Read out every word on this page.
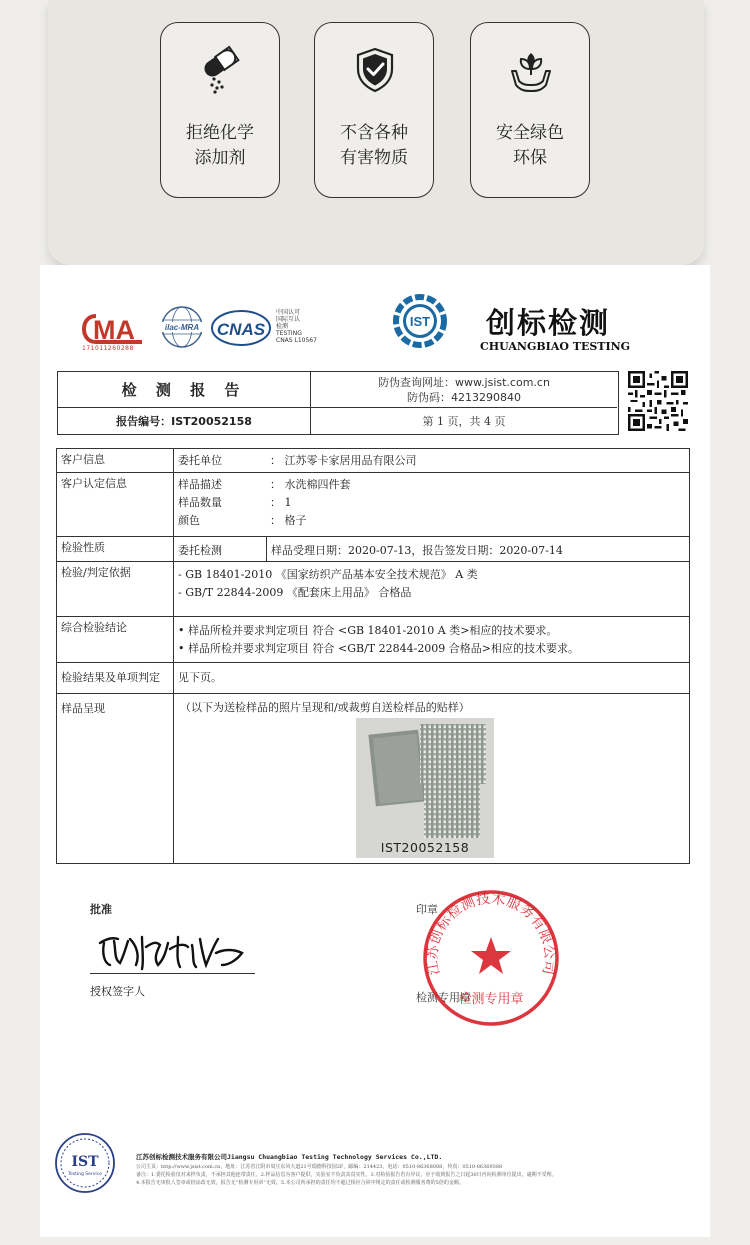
拒绝化学
添加剂
不含各种
有害物质
安全绿色
环保
MA
171011260288
ilac-MRA CNAS
中国认可
国际互认
检测
TESTING
CNAS L10567
IST 创标检测
CHUANGBIAO TESTING
检 测 报 告
报告编号：IST20052158
防伪查询网址：www.jsist.com.cn
防伪码：4213290840
第 1 页，共 4 页
客户信息	委托单位	： 江苏零卡家居用品有限公司
客户认定信息	样品描述	： 水洗棉四件套
样品数量	： 1
颜色	： 格子
检验性质	委托检测	样品受理日期：2020-07-13，报告签发日期：2020-07-14
检验/判定依据	- GB 18401-2010 《国家纺织产品基本安全技术规范》 A 类
- GB/T 22844-2009 《配套床上用品》 合格品
综合检验结论	• 样品所检并要求判定项目 符合 <GB 18401-2010 A 类>相应的技术要求。
• 样品所检并要求判定项目 符合 <GB/T 22844-2009 合格品>相应的技术要求。
检验结果及单项判定	见下页。
样品呈现	（以下为送检样品的照片呈现和/或裁剪自送检样品的贴样）
IST20052158
批准
授权签字人
印章
检测专用章
江苏创标检测技术服务有限公司
检测专用章
IST
Testing Service
江苏创标检测技术服务有限公司Jiangsu Chuangbiao Testing Technology Services Co.,LTD.
公司主页：http://www.jsist.com.cn，地址：江苏省江阴市周庄东风大道21号瑞德科技园2F，邮编：214423，电话：0510-86368088，传真：0510-86369388
备注：1.委托检验仅对来样负责，不承担其他连带责任。2.样品信息为客户提供，实验室不负责其真实性。3.对检验报告若有异议，应于收到报告之日起30日内向检测单位提出，逾期不受理。
4.本报告无审批人签章或经涂改无效，报告无“检测专用章”无效。5.本公司所承担的责任均不超过相应合同中规定的责任或检测服务费的5倍的金额。
